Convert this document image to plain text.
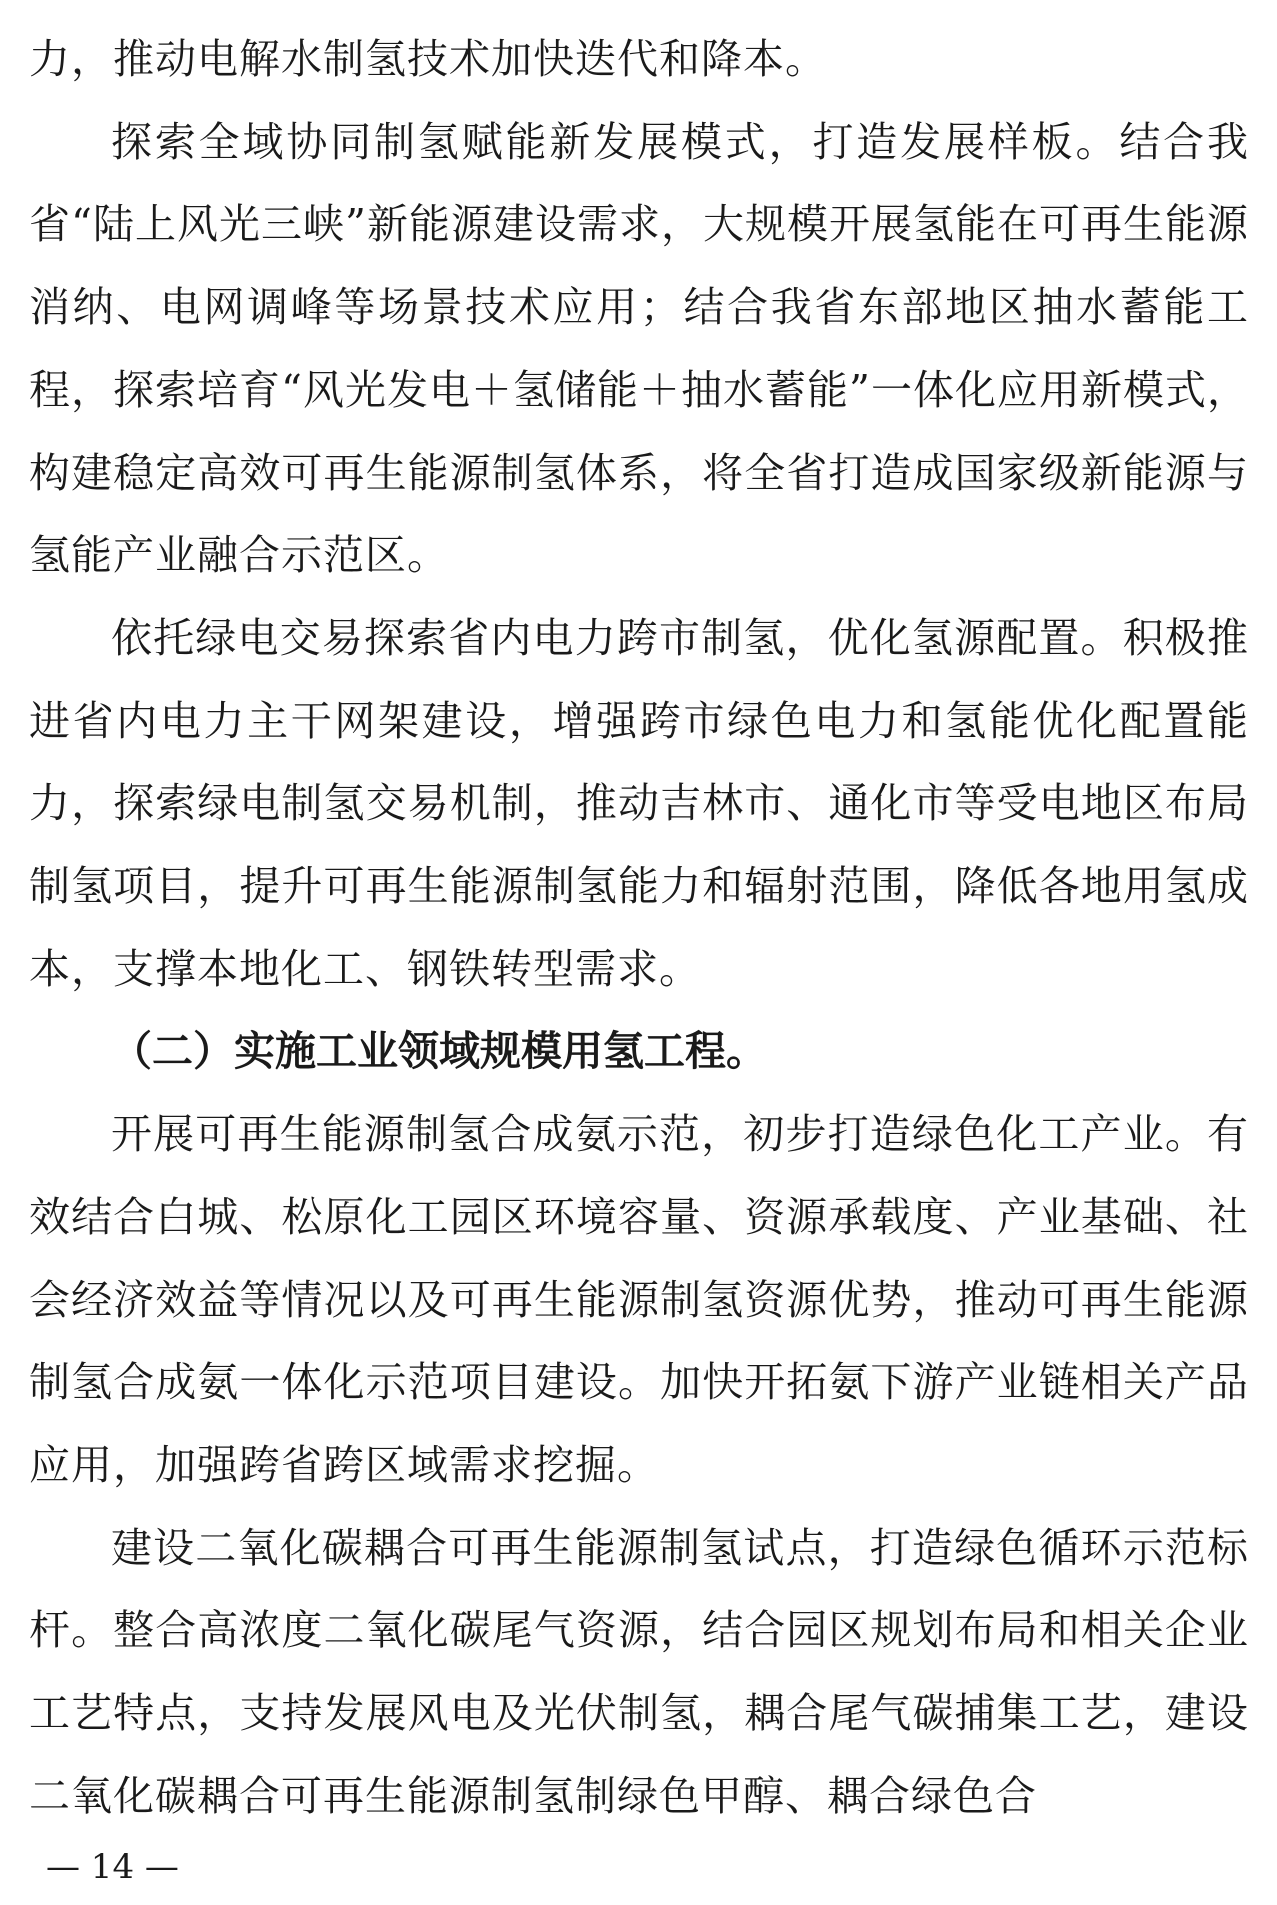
力，推动电解水制氢技术加快迭代和降本。

探索全域协同制氢赋能新发展模式，打造发展样板。结合我省“陆上风光三峡”新能源建设需求，大规模开展氢能在可再生能源消纳、电网调峰等场景技术应用；结合我省东部地区抽水蓄能工程，探索培育“风光发电＋氢储能＋抽水蓄能”一体化应用新模式，构建稳定高效可再生能源制氢体系，将全省打造成国家级新能源与氢能产业融合示范区。

依托绿电交易探索省内电力跨市制氢，优化氢源配置。积极推进省内电力主干网架建设，增强跨市绿色电力和氢能优化配置能力，探索绿电制氢交易机制，推动吉林市、通化市等受电地区布局制氢项目，提升可再生能源制氢能力和辐射范围，降低各地用氢成本，支撑本地化工、钢铁转型需求。

（二）实施工业领域规模用氢工程。

开展可再生能源制氢合成氨示范，初步打造绿色化工产业。有效结合白城、松原化工园区环境容量、资源承载度、产业基础、社会经济效益等情况以及可再生能源制氢资源优势，推动可再生能源制氢合成氨一体化示范项目建设。加快开拓氨下游产业链相关产品应用，加强跨省跨区域需求挖掘。

建设二氧化碳耦合可再生能源制氢试点，打造绿色循环示范标杆。整合高浓度二氧化碳尾气资源，结合园区规划布局和相关企业工艺特点，支持发展风电及光伏制氢，耦合尾气碳捕集工艺，建设二氧化碳耦合可再生能源制氢制绿色甲醇、耦合绿色合

— 14 —
